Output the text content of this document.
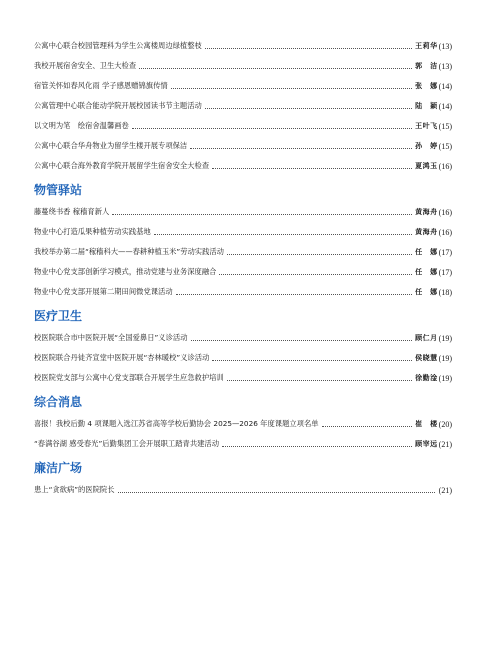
公寓中心联合校园管理科为学生公寓楼周边绿植整枝	王莉华 (13)
我校开展宿舍安全、卫生大检查	郭　洁 (13)
宿管关怀如春风化雨 学子感恩赠锦旗传情	张　娜 (14)
公寓管理中心联合能动学院开展校园读书节主题活动	陆　颖 (14)
以文明为笔　绘宿舍温馨画卷	王叶飞 (15)
公寓中心联合华舟物业为留学生楼开展专项保洁	孙　婷 (15)
公寓中心联合海外教育学院开展留学生宿舍安全大检查	夏鸿玉 (16)
物管驿站
藤蔓绕书香 稼穑育新人	黄海舟 (16)
物业中心打造瓜果种植劳动实践基地	黄海舟 (16)
我校举办第二届“稼穑科大——春耕种植玉米”劳动实践活动	任　娜 (17)
物业中心党支部创新学习模式，推动党建与业务深度融合	任　娜 (17)
物业中心党支部开展第二期田间微党课活动	任　娜 (18)
医疗卫生
校医院联合市中医院开展“全国爱鼻日”义诊活动	顾仁月 (19)
校医院联合丹徒齐宣堂中医院开展“杏林暖校”义诊活动	侯晓慧 (19)
校医院党支部与公寓中心党支部联合开展学生应急救护培训	徐勤淦 (19)
综合消息
喜报！我校后勤 4 项课题入选江苏省高等学校后勤协会 2025—2026 年度课题立项名单	崔　楼 (20)
“春满谷湖 感受春光”后勤集团工会开展职工踏青共建活动	顾宰远 (21)
廉洁广场
患上“贪欲病”的医院院长	(21)
